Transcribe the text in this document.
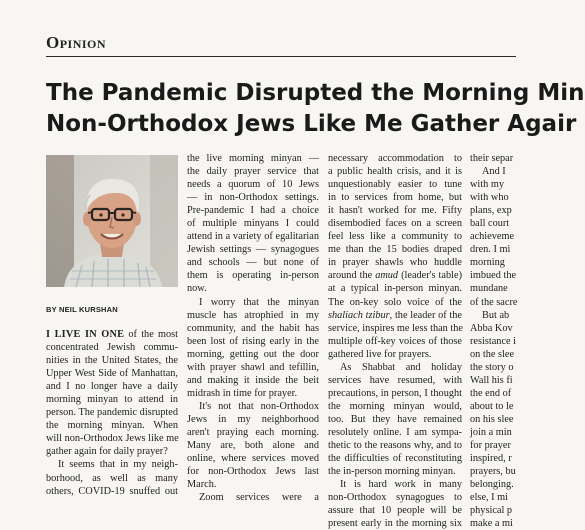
Opinion
The Pandemic Disrupted the Morning Min
Non-Orthodox Jews Like Me Gather Agair
BY NEIL KURSHAN
I LIVE IN ONE of the most
concentrated Jewish commu-
nities in the United States, the
Upper West Side of Manhattan,
and I no longer have a daily
morning minyan to attend in
person. The pandemic disrupted
the morning minyan. When
will non-Orthodox Jews like me
gather again for daily prayer?
It seems that in my neigh-
borhood, as well as many
others, COVID-19 snuffed out
the live morning minyan —
the daily prayer service that
needs a quorum of 10 Jews
— in non-Orthodox settings.
Pre-pandemic I had a choice
of multiple minyans I could
attend in a variety of egalitarian
Jewish settings — synagogues
and schools — but none of
them is operating in-person
now.
I worry that the minyan
muscle has atrophied in my
community, and the habit has
been lost of rising early in the
morning, getting out the door
with prayer shawl and tefillin,
and making it inside the beit
midrash in time for prayer.
It's not that non-Orthodox
Jews in my neighborhood
aren't praying each morning.
Many are, both alone and
online, where services moved
for non-Orthodox Jews last
March.
Zoom services were a
necessary accommodation to
a public health crisis, and it is
unquestionably easier to tune
in to services from home, but
it hasn't worked for me. Fifty
disembodied faces on a screen
feel less like a community to
me than the 15 bodies draped
in prayer shawls who huddle
around the amud (leader's table)
at a typical in-person minyan.
The on-key solo voice of the
shaliach tzibur, the leader of the
service, inspires me less than the
multiple off-key voices of those
gathered live for prayers.
As Shabbat and holiday
services have resumed, with
precautions, in person, I thought
the morning minyan would,
too. But they have remained
resolutely online. I am sympa-
thetic to the reasons why, and to
the difficulties of reconstituting
the in-person morning minyan.
It is hard work in many
non-Orthodox synagogues to
assure that 10 people will be
present early in the morning six
their separ
And I
with my
with who
plans, exp
ball court
achieveme
dren. I mi
morning
imbued the
mundane
of the sacre
But ab
Abba Kov
resistance i
on the slee
the story o
Wall his fi
the end of
about to le
on his slee
join a min
for prayer
inspired, r
prayers, bu
belonging.
else, I mi
physical p
make a mi
